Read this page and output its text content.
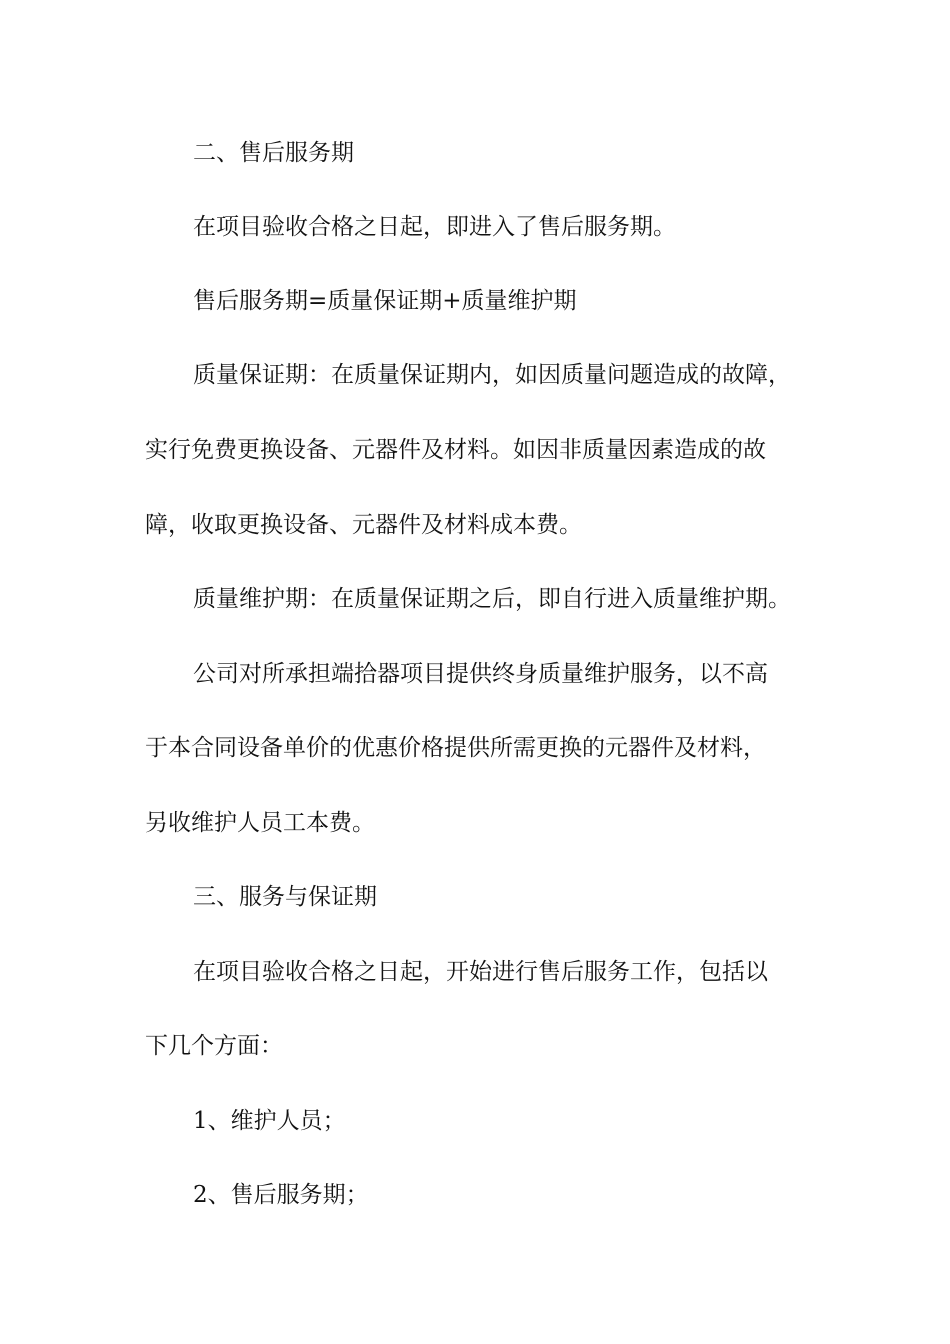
二、售后服务期
在项目验收合格之日起，即进入了售后服务期。
售后服务期=质量保证期+质量维护期
质量保证期：在质量保证期内，如因质量问题造成的故障，
实行免费更换设备、元器件及材料。如因非质量因素造成的故
障，收取更换设备、元器件及材料成本费。
质量维护期：在质量保证期之后，即自行进入质量维护期。
公司对所承担端拾器项目提供终身质量维护服务，以不高
于本合同设备单价的优惠价格提供所需更换的元器件及材料，
另收维护人员工本费。
三、服务与保证期
在项目验收合格之日起，开始进行售后服务工作，包括以
下几个方面：
1、维护人员；
2、售后服务期；
